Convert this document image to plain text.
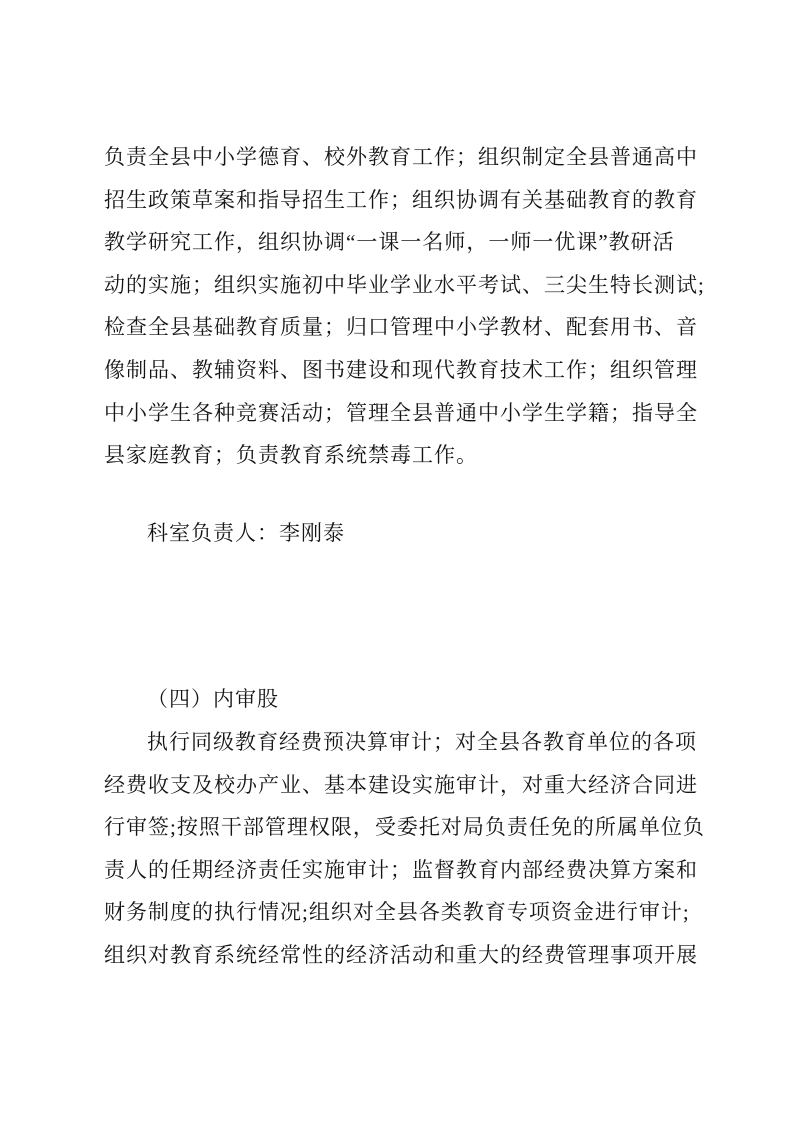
负责全县中小学德育、校外教育工作；组织制定全县普通高中
招生政策草案和指导招生工作；组织协调有关基础教育的教育
教学研究工作，组织协调“一课一名师，一师一优课”教研活
动的实施；组织实施初中毕业学业水平考试、三尖生特长测试;
检查全县基础教育质量；归口管理中小学教材、配套用书、音
像制品、教辅资料、图书建设和现代教育技术工作；组织管理
中小学生各种竞赛活动；管理全县普通中小学生学籍；指导全
县家庭教育；负责教育系统禁毒工作。
科室负责人：李刚泰
（四）内审股
执行同级教育经费预决算审计；对全县各教育单位的各项
经费收支及校办产业、基本建设实施审计，对重大经济合同进
行审签;按照干部管理权限，受委托对局负责任免的所属单位负
责人的任期经济责任实施审计；监督教育内部经费决算方案和
财务制度的执行情况;组织对全县各类教育专项资金进行审计;
组织对教育系统经常性的经济活动和重大的经费管理事项开展
